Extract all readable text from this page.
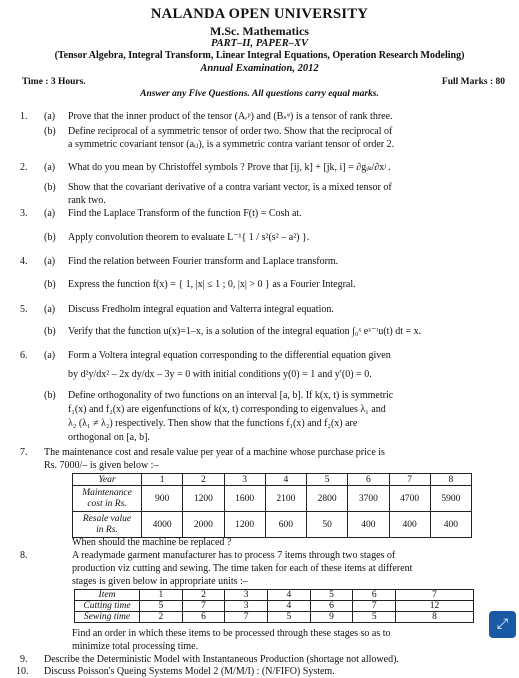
NALANDA OPEN UNIVERSITY
M.Sc. Mathematics
PART–II, PAPER–XV
(Tensor Algebra, Integral Transform, Linear Integral Equations, Operation Research Modeling)
Annual Examination, 2012
Time : 3 Hours.	Full Marks : 80
Answer any Five Questions. All questions carry equal marks.
1. (a) Prove that the inner product of the tensor (Aᵣᵖ) and (Bₛᵠ) is a tensor of rank three.
(b) Define reciprocal of a symmetric tensor of order two. Show that the reciprocal of
a symmetric covariant tensor (aᵢⱼ), is a symmetric contra variant tensor of order 2.
2. (a) What do you mean by Christoffel symbols ? Prove that [ij, k] + [jk, i] = ∂gᵢₖ/∂xʲ .
(b) Show that the covariant derivative of a contra variant vector, is a mixed tensor of
rank two.
3. (a) Find the Laplace Transform of the function F(t) = Cosh at.
(b) Apply convolution theorem to evaluate L⁻¹{ 1 / s²(s² – a²) }.
4. (a) Find the relation between Fourier transform and Laplace transform.
(b) Express the function f(x) = { 1, |x| ≤ 1 ; 0, |x| > 0 } as a Fourier Integral.
5. (a) Discuss Fredholm integral equation and Valterra integral equation.
(b) Verify that the function u(x)=1–x, is a solution of the integral equation ∫₀ˣ eˣ⁻ᵗu(t) dt = x.
6. (a) Form a Voltera integral equation corresponding to the differential equation given
by d²y/dx² – 2x dy/dx – 3y = 0 with initial conditions y(0) = 1 and y′(0) = 0.
(b) Define orthogonality of two functions on an interval [a, b]. If k(x, t) is symmetric
f₁(x) and f₂(x) are eigenfunctions of k(x, t) corresponding to eigenvalues λ₁ and
λ₂ (λ₁ ≠ λ₂) respectively. Then show that the functions f₁(x) and f₂(x) are
orthogonal on [a, b].
7. The maintenance cost and resale value per year of a machine whose purchase price is
Rs. 7000/– is given below :–
Year	1	2	3	4	5	6	7	8
Maintenance
cost in Rs.	900	1200	1600	2100	2800	3700	4700	5900
Resale value
in Rs.	4000	2000	1200	600	50	400	400	400
When should the machine be replaced ?
8.	A readymade garment manufacturer has to process 7 items through two stages of
production viz cutting and sewing. The time taken for each of these items at different
stages is given below in appropriate units :–
Item	1	2	3	4	5	6	7
Cutting time	5	7	3	4	6	7	12
Sewing time	2	6	7	5	9	5	8
Find an order in which these items to be processed through these stages so as to
minimize total processing time.
9. Describe the Deterministic Model with Instantaneous Production (shortage not allowed).
10. Discuss Poisson's Queing Systems Model 2 (M/M/I) : (N/FIFO) System.
⤢
